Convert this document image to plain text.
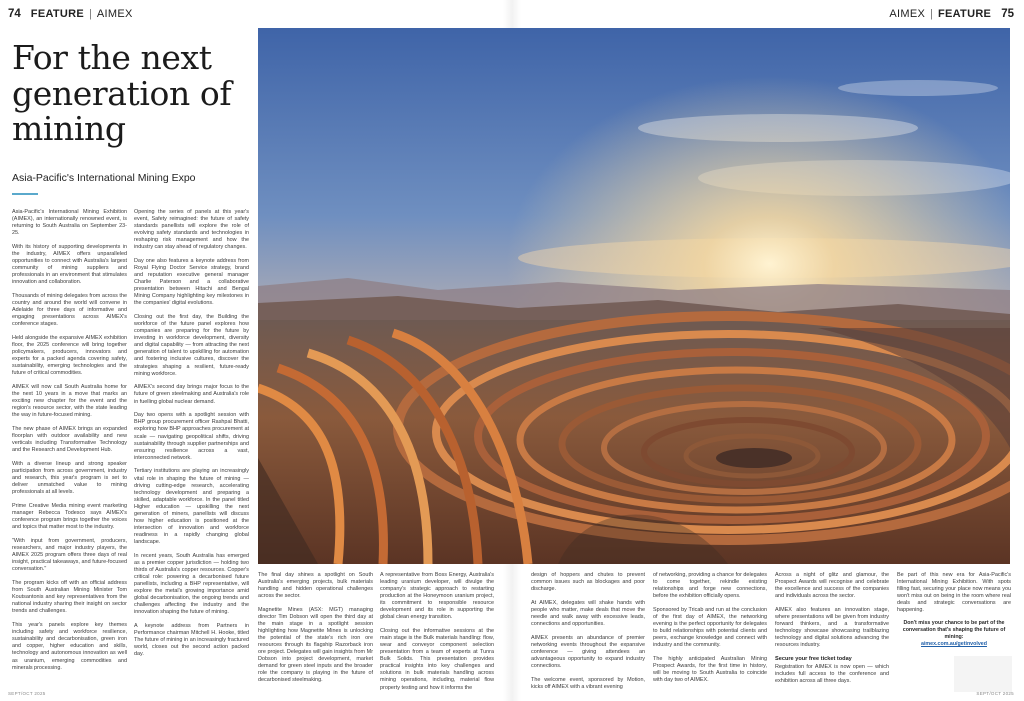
74 FEATURE | AIMEX	AIMEX | FEATURE 75
For the next
generation of
mining
Asia-Pacific's International Mining Expo

Asia-Pacific's International Mining Exhibition (AIMEX), an internationally renowned event, is returning to South Australia on September 23-25.

With its history of supporting developments in the industry, AIMEX offers unparalleled opportunities to connect with Australia's largest community of mining suppliers and professionals in an environment that stimulates innovation and collaboration.

Thousands of mining delegates from across the country and around the world will convene in Adelaide for three days of informative and engaging presentations across AIMEX's conference stages.

Held alongside the expansive AIMEX exhibition floor, the 2025 conference will bring together policymakers, producers, innovators and experts for a packed agenda covering safety, sustainability, emerging technologies and the future of critical commodities.

AIMEX will now call South Australia home for the next 10 years in a move that marks an exciting new chapter for the event and the region's resource sector, with the state leading the way in future-focused mining.

The new phase of AIMEX brings an expanded floorplan with outdoor availability and new verticals including Transformative Technology and the Research and Development Hub.

With a diverse lineup and strong speaker participation from across government, industry and research, this year's program is set to deliver unmatched value to mining professionals at all levels.

Prime Creative Media mining event marketing manager Rebecca Todesco says AIMEX's conference program brings together the voices and topics that matter most to the industry.

"With input from government, producers, researchers, and major industry players, the AIMEX 2025 program offers three days of real insight, practical takeaways, and future-focused conversation."

The program kicks off with an official address from South Australian Mining Minister Tom Koutsantonis and key representatives from the national industry sharing their insight on sector trends and challenges.

This year's panels explore key themes including safety and workforce resilience, sustainability and decarbonisation, green iron and copper, higher education and skills, technology and autonomous innovation as well as uranium, emerging commodities and minerals processing.

Opening the series of panels at this year's event, Safety reimagined: the future of safety standards panellists will explore the role of evolving safety standards and technologies in reshaping risk management and how the industry can stay ahead of regulatory changes.

Day one also features a keynote address from Royal Flying Doctor Service strategy, brand and reputation executive general manager Charlie Paterson and a collaborative presentation between Hitachi and Bengal Mining Company highlighting key milestones in the companies' digital evolutions.

Closing out the first day, the Building the workforce of the future panel explores how companies are preparing for the future by investing in workforce development, diversity and digital capability — from attracting the next generation of talent to upskilling for automation and fostering inclusive cultures, discover the strategies shaping a resilient, future-ready mining workforce.

AIMEX's second day brings major focus to the future of green steelmaking and Australia's role in fuelling global nuclear demand.

Day two opens with a spotlight session with BHP group procurement officer Rashpal Bhatti, exploring how BHP approaches procurement at scale — navigating geopolitical shifts, driving sustainability through supplier partnerships and ensuring resilience across a vast, interconnected network.

Tertiary institutions are playing an increasingly vital role in shaping the future of mining — driving cutting-edge research, accelerating technology development and preparing a skilled, adaptable workforce. In the panel titled Higher education — upskilling the next generation of miners, panellists will discuss how higher education is positioned at the intersection of innovation and workforce readiness in a rapidly changing global landscape.

In recent years, South Australia has emerged as a premier copper jurisdiction — holding two thirds of Australia's copper resources. Copper's critical role: powering a decarbonised future panellists, including a BHP representative, will explore the metal's growing importance amid global decarbonisation, the ongoing trends and challenges affecting the industry and the innovation shaping the future of mining.

A keynote address from Partners in Performance chairman Mitchell H. Hooke, titled The future of mining in an increasingly fractured world, closes out the second action packed day.

The final day shines a spotlight on South Australia's emerging projects, bulk materials handling and hidden operational challenges across the sector.

Magnetite Mines (ASX: MGT) managing director Tim Dobson will open the third day at the main stage in a spotlight session highlighting how Magnetite Mines is unlocking the potential of the state's rich iron ore resources through its flagship Razorback iron ore project. Delegates will gain insights from Mr Dobson into project development, market demand for green steel inputs and the broader role the company is playing in the future of decarbonised steelmaking.

A representative from Boss Energy, Australia's leading uranium developer, will divulge the company's strategic approach to restarting production at the Honeymoon uranium project, its commitment to responsible resource development and its role in supporting the global clean energy transition.

Closing out the informative sessions at the main stage is the Bulk materials handling: flow, wear and conveyor component selection presentation from a team of experts at Tunra Bulk Solids. This presentation provides practical insights into key challenges and solutions in bulk materials handling across mining operations, including, material flow property testing and how it informs the

design of hoppers and chutes to prevent common issues such as blockages and poor discharge.

At AIMEX, delegates will shake hands with people who matter, make deals that move the needle and walk away with excessive leads, connections and opportunities.

AIMEX presents an abundance of premier networking events throughout the expansive conference — giving attendees an advantageous opportunity to expand industry connections.

The welcome event, sponsored by Motion, kicks off AIMEX with a vibrant evening

of networking, providing a chance for delegates to come together, rekindle existing relationships and forge new connections, before the exhibition officially opens.

Sponsored by Tricab and run at the conclusion of the first day of AIMEX, the networking evening is the perfect opportunity for delegates to build relationships with potential clients and peers, exchange knowledge and connect with industry and the community.

The highly anticipated Australian Mining Prospect Awards, for the first time in history, will be moving to South Australia to coincide with day two of AIMEX.

Across a night of glitz and glamour, the Prospect Awards will recognise and celebrate the excellence and success of the companies and individuals across the sector.

AIMEX also features an innovation stage, where presentations will be given from industry forward thinkers, and a transformative technology showcase showcasing trailblazing technology and digital solutions advancing the resources industry.

Secure your free ticket today

Registration for AIMEX is now open — which includes full access to the conference and exhibition across all three days.

Be part of this new era for Asia-Pacific's International Mining Exhibition. With spots filling fast, securing your place now means you won't miss out on being in the room where real deals and strategic conversations are happening.

Don't miss your chance to be part of the conversation that's shaping the future of mining:
aimex.com.au/getinvolved
SEPT/OCT 2025	SEPT/OCT 2025
